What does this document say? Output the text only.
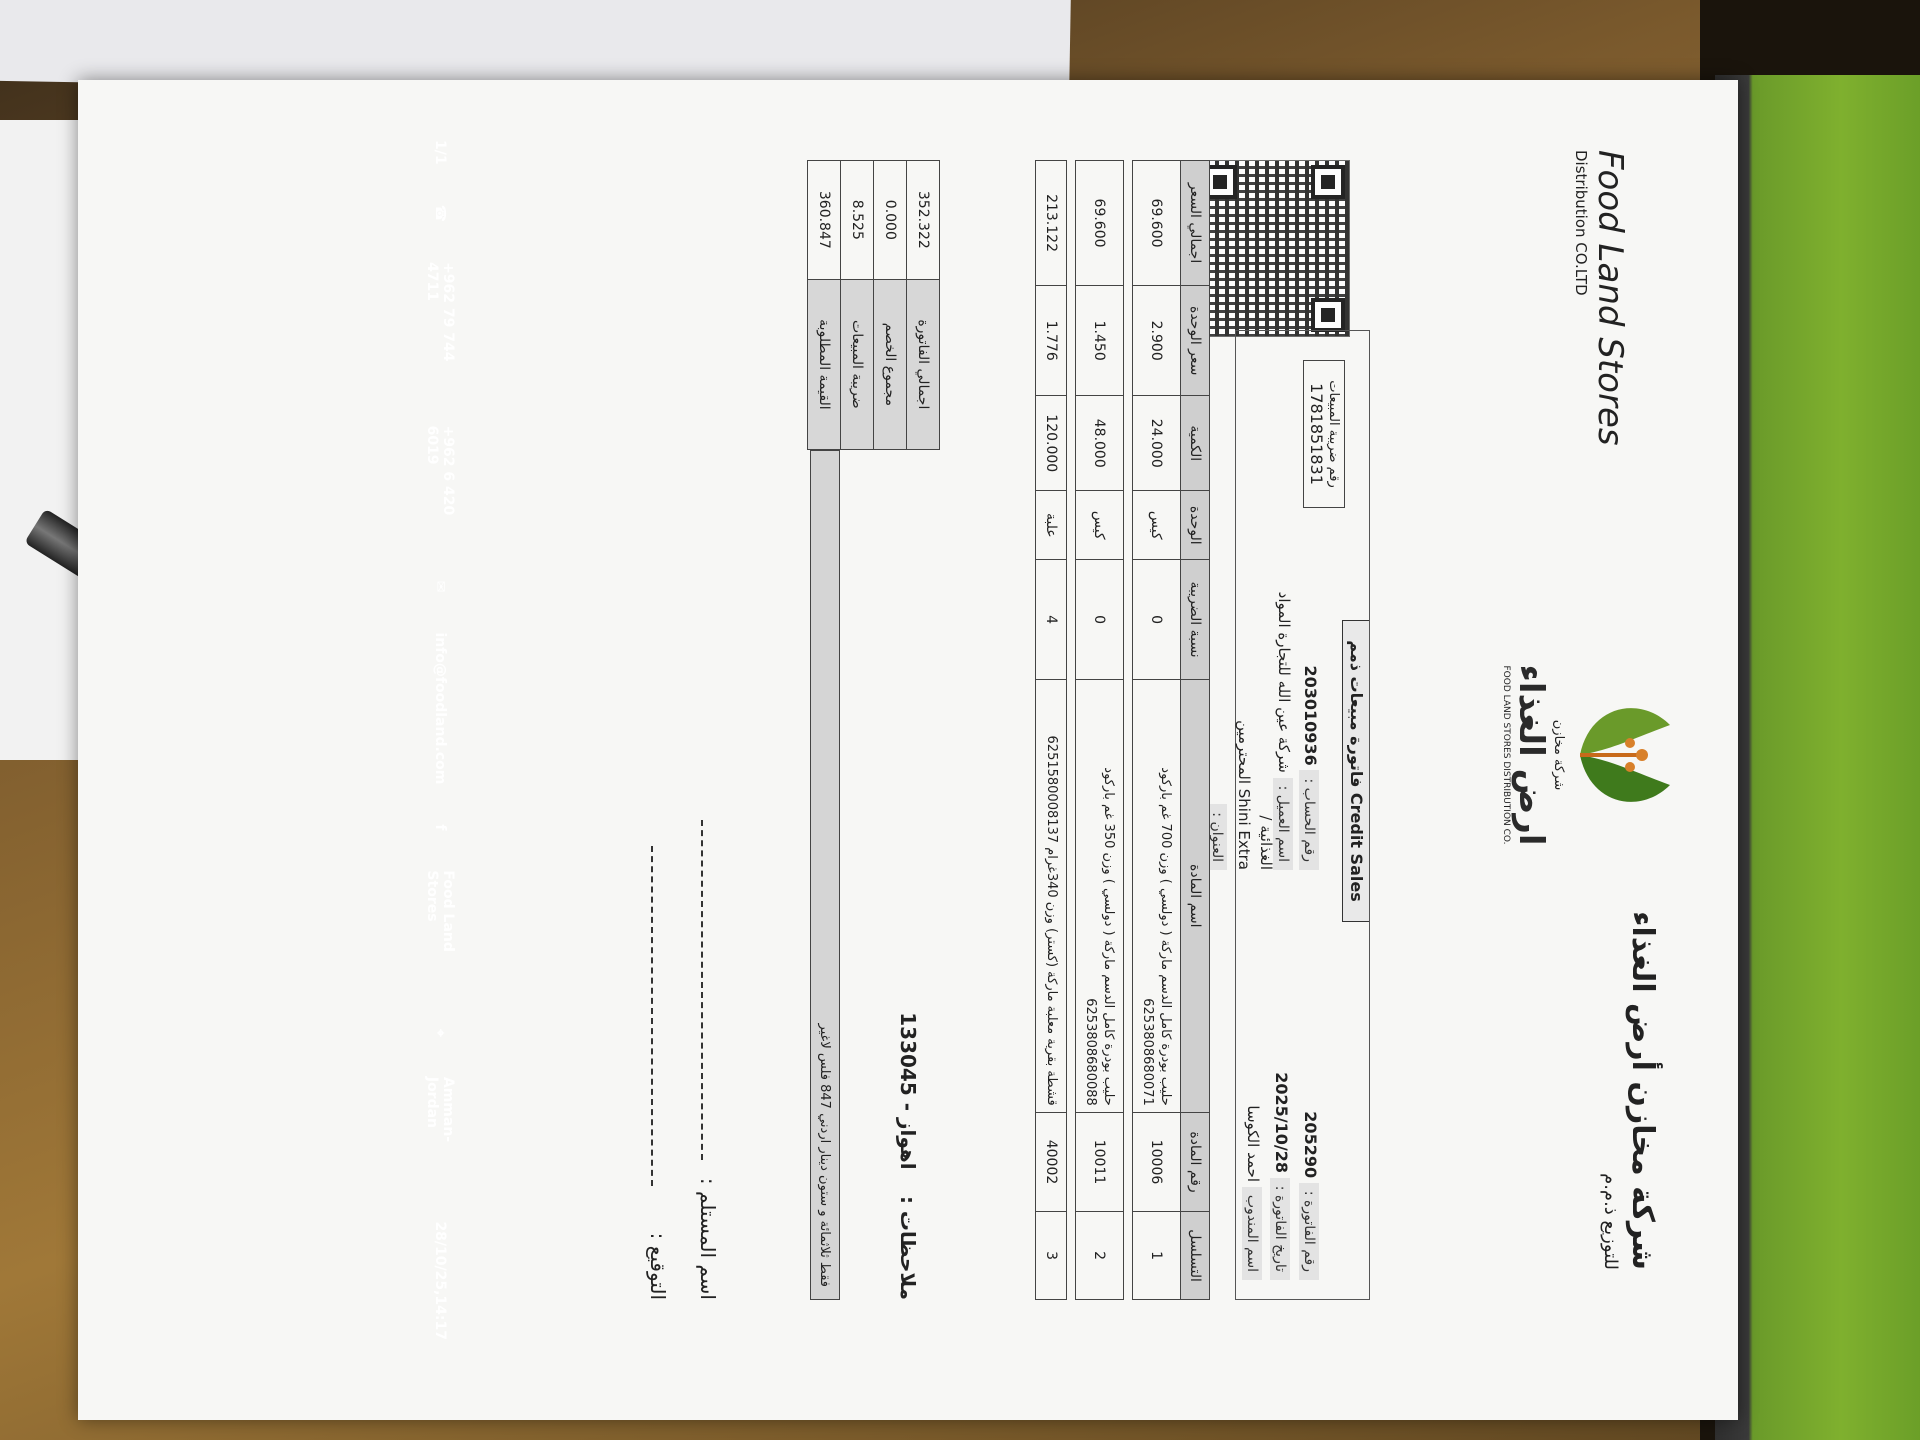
شركة مخازن أرض الغذاء
للتوزيع ذ.م.م
شركة مخازن
ارض الغذاء
FOOD LAND STORES DISTRIBUTION CO.
Food Land Stores
Distribution CO.LTD
Credit Sales فاتورة مبيعات ذمم
رقم ضريبة المبيعات
1781851831
رقم الحساب : 203010936
اسم العميل : شركة عين الله للتجارة المواد الغذائية /
Shini Extra المحترمين
العنوان :
رقم الفاتورة : 205290
تاريخ الفاتورة : 2025/10/28
اسم المندوب احمد الكوسا
التسلسل	رقم المادة	اسم المادة	نسبة الضريبة	الوحدة	الكمية	سعر الوحدة	اجمالي السعر
1	10006	حليب بودرة كامل الدسم ماركة ( دولسي ) وزن 700 غم باركود 6253808680071	0	كيس	24.000	2.900	69.600

2	10011	حليب بودرة كامل الدسم ماركة ( دولسي ) وزن 350 غم باركود 6253808680088	0	كيس	48.000	1.450	69.600

3	40002	قشطة بقرية معلبة ماركة (كستر) وزن 340غرام 6251580008137	4	علبة	120.000	1.776	213.122
اجمالي الفاتورة	352.322
مجموع الخصم	0.000
ضريبة المبيعات	8.525
القيمة المطلوبة	360.847
ملاحظات : اهواز - 133045
فقط ثلاثمائة و ستون دينار اردني 847 فلس لاغير
اسم المستلم :
التوقيع :
1/1
☎
+962 79 744 4711
+962 6 420 6019
✉
info@foodland.com
f
Food Land Stores
⌖
Amman- Jordan
28/10/25,14:17
